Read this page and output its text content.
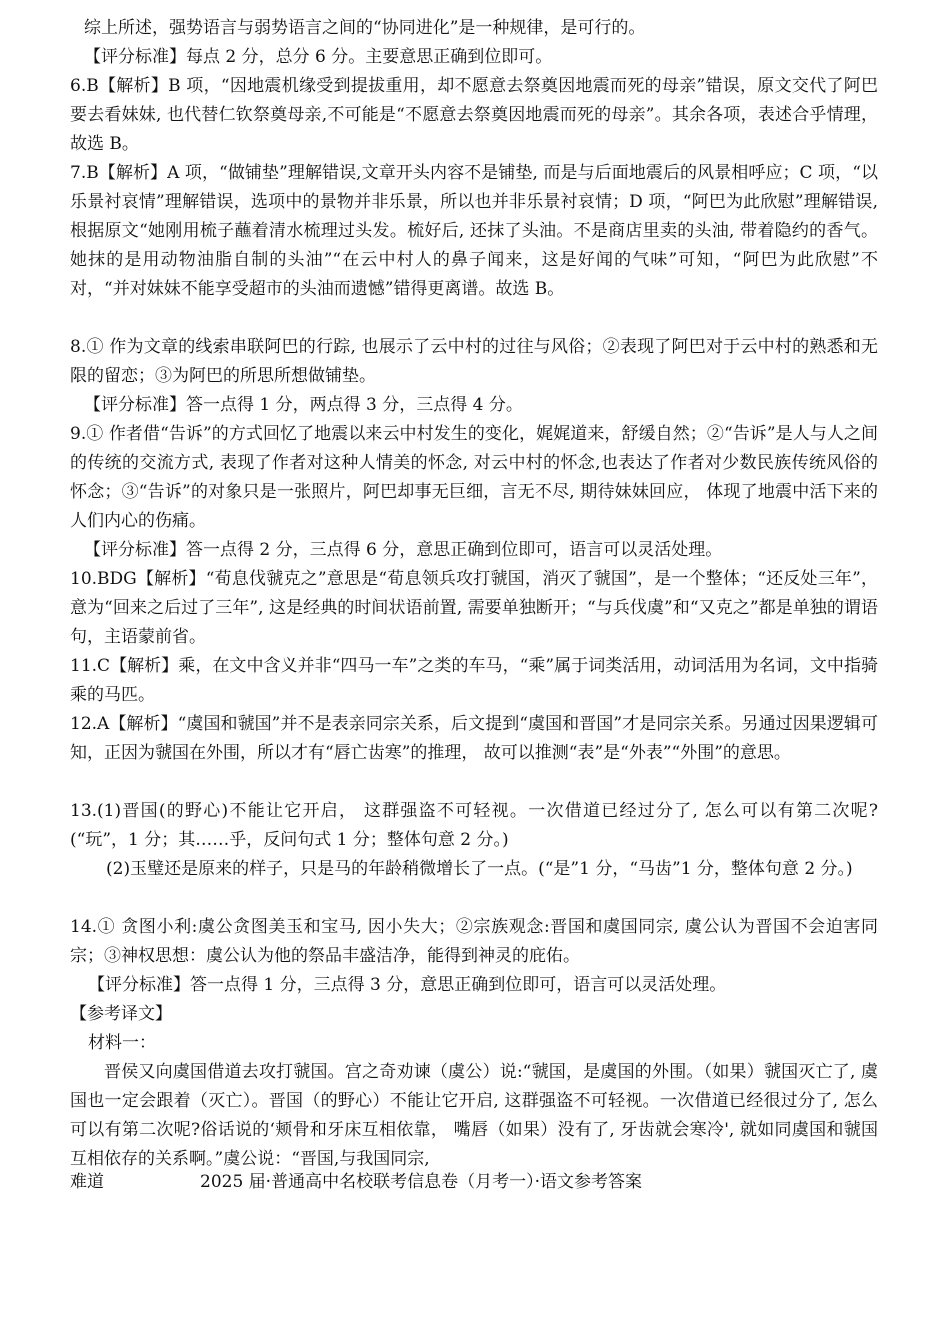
综上所述，强势语言与弱势语言之间的“协同进化”是一种规律，是可行的。
【评分标准】每点 2 分，总分 6 分。主要意思正确到位即可。
6.B【解析】B 项，“因地震机缘受到提拔重用，却不愿意去祭奠因地震而死的母亲”错误，原文交代了阿巴要去看妹妹, 也代替仁钦祭奠母亲,不可能是“不愿意去祭奠因地震而死的母亲”。其余各项，表述合乎情理，故选 B。
7.B【解析】A 项，“做铺垫”理解错误,文章开头内容不是铺垫, 而是与后面地震后的风景相呼应；C 项，“以乐景衬哀情”理解错误，选项中的景物并非乐景，所以也并非乐景衬哀情；D 项，“阿巴为此欣慰”理解错误, 根据原文“她刚用梳子蘸着清水梳理过头发。梳好后, 还抹了头油。不是商店里卖的头油, 带着隐约的香气。她抹的是用动物油脂自制的头油”“在云中村人的鼻子闻来，这是好闻的气味”可知，“阿巴为此欣慰”不对，“并对妹妹不能享受超市的头油而遗憾”错得更离谱。故选 B。
8.① 作为文章的线索串联阿巴的行踪, 也展示了云中村的过往与风俗；②表现了阿巴对于云中村的熟悉和无限的留恋；③为阿巴的所思所想做铺垫。
【评分标准】答一点得 1 分，两点得 3 分，三点得 4 分。
9.① 作者借“告诉”的方式回忆了地震以来云中村发生的变化，娓娓道来，舒缓自然；②“告诉”是人与人之间的传统的交流方式, 表现了作者对这种人情美的怀念, 对云中村的怀念,也表达了作者对少数民族传统风俗的怀念；③“告诉”的对象只是一张照片，阿巴却事无巨细，言无不尽, 期待妹妹回应， 体现了地震中活下来的人们内心的伤痛。
【评分标准】答一点得 2 分，三点得 6 分，意思正确到位即可，语言可以灵活处理。
10.BDG【解析】“荀息伐虢克之”意思是“荀息领兵攻打虢国，消灭了虢国”，是一个整体；“还反处三年”，意为“回来之后过了三年”, 这是经典的时间状语前置, 需要单独断开；“与兵伐虞”和“又克之”都是单独的谓语句，主语蒙前省。
11.C【解析】乘，在文中含义并非“四马一车”之类的车马，“乘”属于词类活用，动词活用为名词，文中指骑乘的马匹。
12.A【解析】“虞国和虢国”并不是表亲同宗关系，后文提到“虞国和晋国”才是同宗关系。另通过因果逻辑可知，正因为虢国在外围，所以才有“唇亡齿寒”的推理， 故可以推测“表”是“外表”“外围”的意思。
13.(1)晋国(的野心)不能让它开启， 这群强盗不可轻视。一次借道已经过分了, 怎么可以有第二次呢?(“玩”，1 分；其……乎，反问句式 1 分；整体句意 2 分。)
(2)玉璧还是原来的样子，只是马的年龄稍微增长了一点。(“是”1 分，“马齿”1 分，整体句意 2 分。)
14.① 贪图小利:虞公贪图美玉和宝马, 因小失大；②宗族观念:晋国和虞国同宗, 虞公认为晋国不会迫害同宗；③神权思想：虞公认为他的祭品丰盛洁净，能得到神灵的庇佑。
【评分标准】答一点得 1 分，三点得 3 分，意思正确到位即可，语言可以灵活处理。
【参考译文】
材料一：
晋侯又向虞国借道去攻打虢国。宫之奇劝谏（虞公）说:“虢国，是虞国的外围。（如果）虢国灭亡了, 虞国也一定会跟着（灭亡）。晋国（的野心）不能让它开启, 这群强盗不可轻视。一次借道已经很过分了, 怎么可以有第二次呢?俗话说的‘颊骨和牙床互相依靠， 嘴唇（如果）没有了, 牙齿就会寒冷', 就如同虞国和虢国互相依存的关系啊。”虞公说：“晋国,与我国同宗,
难道	2025 届·普通高中名校联考信息卷（月考一）·语文参考答案
